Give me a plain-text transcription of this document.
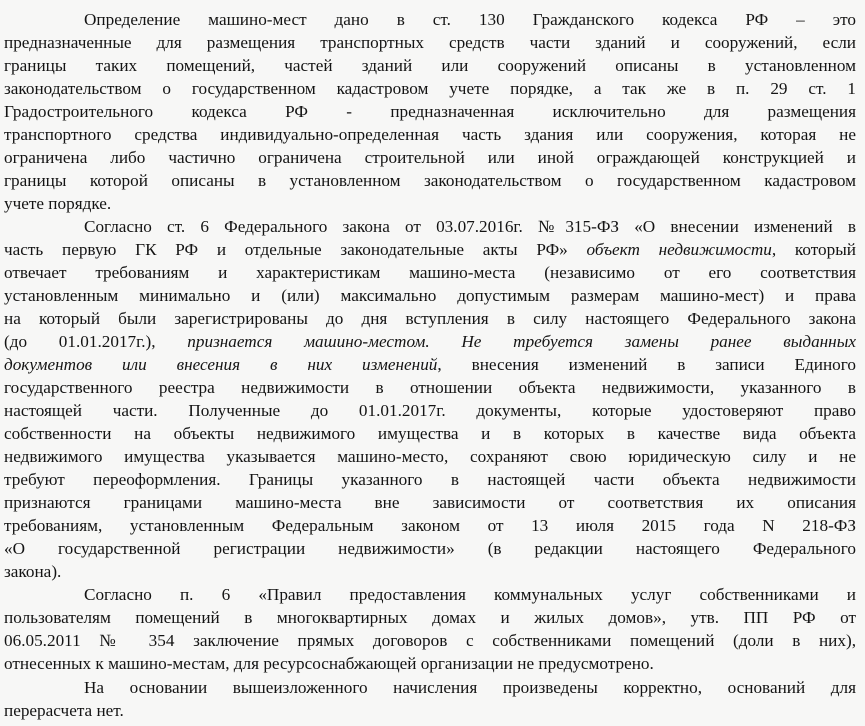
Определение машино-мест дано в ст. 130 Гражданского кодекса РФ – это
предназначенные для размещения транспортных средств части зданий и сооружений, если
границы таких помещений, частей зданий или сооружений описаны в установленном
законодательством о государственном кадастровом учете порядке, а так же в п. 29 ст. 1
Градостроительного кодекса РФ - предназначенная исключительно для размещения
транспортного средства индивидуально-определенная часть здания или сооружения, которая не
ограничена либо частично ограничена строительной или иной ограждающей конструкцией и
границы которой описаны в установленном законодательством о государственном кадастровом
учете порядке.
Согласно ст. 6 Федерального закона от 03.07.2016г. №315-ФЗ «О внесении изменений в
часть первую ГК РФ и отдельные законодательные акты РФ» объект недвижимости, который
отвечает требованиям и характеристикам машино-места (независимо от его соответствия
установленным минимально и (или) максимально допустимым размерам машино-мест) и права
на который были зарегистрированы до дня вступления в силу настоящего Федерального закона
(до 01.01.2017г.), признается машино-местом. Не требуется замены ранее выданных
документов или внесения в них изменений, внесения изменений в записи Единого
государственного реестра недвижимости в отношении объекта недвижимости, указанного в
настоящей части. Полученные до 01.01.2017г. документы, которые удостоверяют право
собственности на объекты недвижимого имущества и в которых в качестве вида объекта
недвижимого имущества указывается машино-место, сохраняют свою юридическую силу и не
требуют переоформления. Границы указанного в настоящей части объекта недвижимости
признаются границами машино-места вне зависимости от соответствия их описания
требованиям, установленным Федеральным законом от 13 июля 2015 года N 218-ФЗ
«О государственной регистрации недвижимости» (в редакции настоящего Федерального
закона).
Согласно п. 6 «Правил предоставления коммунальных услуг собственниками и
пользователям помещений в многоквартирных домах и жилых домов», утв. ПП РФ от
06.05.2011 № 354 заключение прямых договоров с собственниками помещений (доли в них),
отнесенных к машино-местам, для ресурсоснабжающей организации не предусмотрено.
На основании вышеизложенного начисления произведены корректно, оснований для
перерасчета нет.
